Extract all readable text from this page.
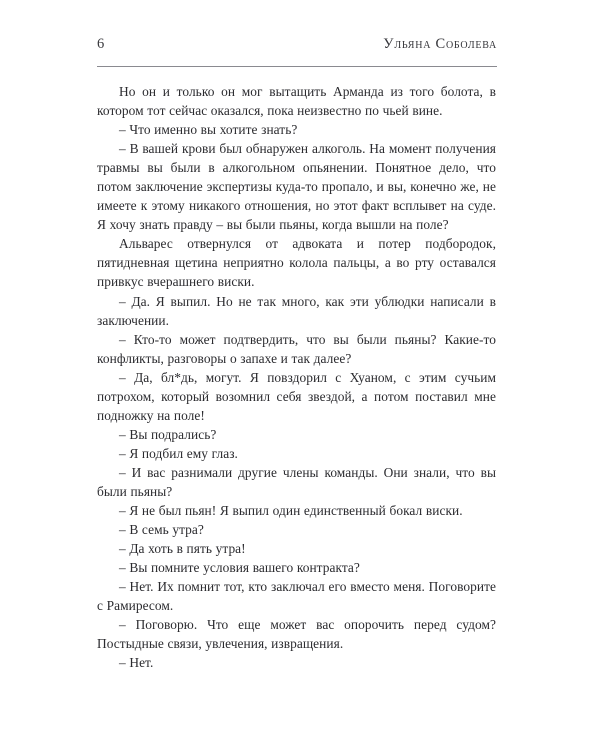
6	Ульяна Соболева

Но он и только он мог вытащить Арманда из того болота, в котором тот сейчас оказался, пока неизвестно по чьей вине.

– Что именно вы хотите знать?

– В вашей крови был обнаружен алкоголь. На момент получения травмы вы были в алкогольном опьянении. Понятное дело, что потом заключение экспертизы куда-то пропало, и вы, конечно же, не имеете к этому никакого отношения, но этот факт всплывет на суде. Я хочу знать правду – вы были пьяны, когда вышли на поле?

Альварес отвернулся от адвоката и потер подбородок, пятидневная щетина неприятно колола пальцы, а во рту оставался привкус вчерашнего виски.

– Да. Я выпил. Но не так много, как эти ублюдки написали в заключении.

– Кто-то может подтвердить, что вы были пьяны? Какие-то конфликты, разговоры о запахе и так далее?

– Да, бл*дь, могут. Я повздорил с Хуаном, с этим сучьим потрохом, который возомнил себя звездой, а потом поставил мне подножку на поле!

– Вы подрались?

– Я подбил ему глаз.

– И вас разнимали другие члены команды. Они знали, что вы были пьяны?

– Я не был пьян! Я выпил один единственный бокал виски.

– В семь утра?

– Да хоть в пять утра!

– Вы помните условия вашего контракта?

– Нет. Их помнит тот, кто заключал его вместо меня. Поговорите с Рамиресом.

– Поговорю. Что еще может вас опорочить перед судом? Постыдные связи, увлечения, извращения.

– Нет.
